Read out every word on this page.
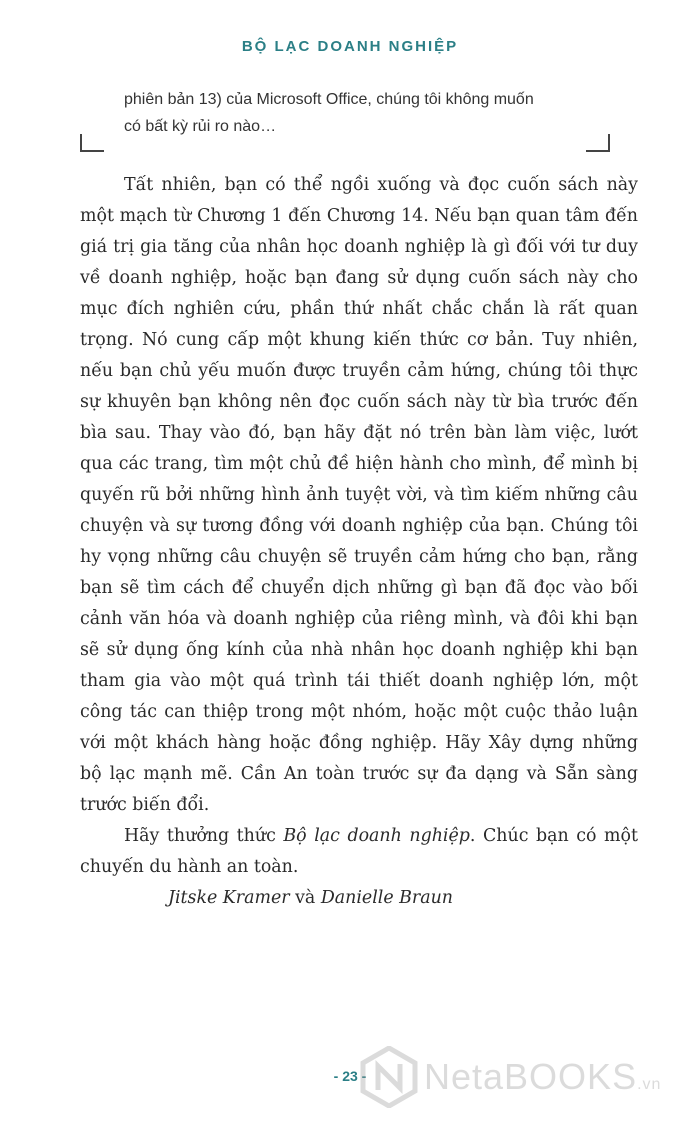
BỘ LẠC DOANH NGHIỆP

phiên bản 13) của Microsoft Office, chúng tôi không muốn

có bất kỳ rủi ro nào…

Tất nhiên, bạn có thể ngồi xuống và đọc cuốn sách này một mạch từ Chương 1 đến Chương 14. Nếu bạn quan tâm đến giá trị gia tăng của nhân học doanh nghiệp là gì đối với tư duy về doanh nghiệp, hoặc bạn đang sử dụng cuốn sách này cho mục đích nghiên cứu, phần thứ nhất chắc chắn là rất quan trọng. Nó cung cấp một khung kiến thức cơ bản. Tuy nhiên, nếu bạn chủ yếu muốn được truyền cảm hứng, chúng tôi thực sự khuyên bạn không nên đọc cuốn sách này từ bìa trước đến bìa sau. Thay vào đó, bạn hãy đặt nó trên bàn làm việc, lướt qua các trang, tìm một chủ đề hiện hành cho mình, để mình bị quyến rũ bởi những hình ảnh tuyệt vời, và tìm kiếm những câu chuyện và sự tương đồng với doanh nghiệp của bạn. Chúng tôi hy vọng những câu chuyện sẽ truyền cảm hứng cho bạn, rằng bạn sẽ tìm cách để chuyển dịch những gì bạn đã đọc vào bối cảnh văn hóa và doanh nghiệp của riêng mình, và đôi khi bạn sẽ sử dụng ống kính của nhà nhân học doanh nghiệp khi bạn tham gia vào một quá trình tái thiết doanh nghiệp lớn, một công tác can thiệp trong một nhóm, hoặc một cuộc thảo luận với một khách hàng hoặc đồng nghiệp. Hãy Xây dựng những bộ lạc mạnh mẽ. Cần An toàn trước sự đa dạng và Sẵn sàng trước biến đổi.

Hãy thưởng thức Bộ lạc doanh nghiệp. Chúc bạn có một chuyến du hành an toàn.

Jitske Kramer và Danielle Braun

- 23 - NetaBOOKS.vn
